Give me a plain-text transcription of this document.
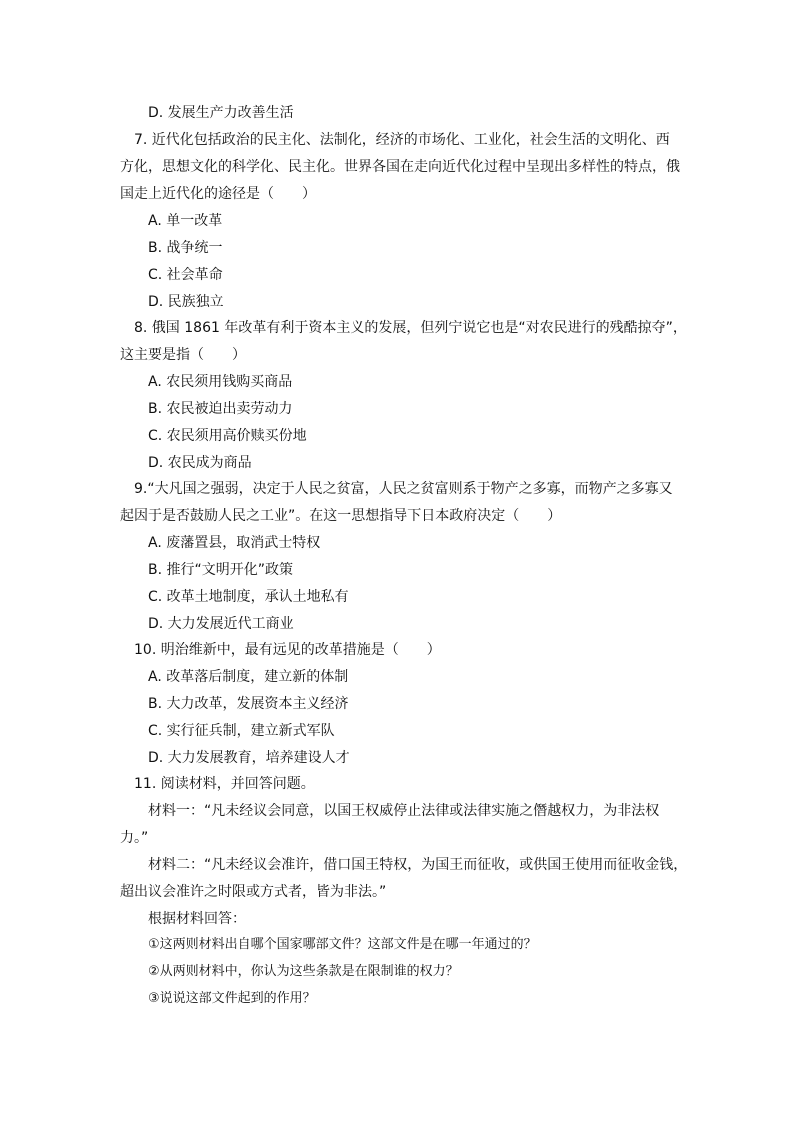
D. 发展生产力改善生活
　7. 近代化包括政治的民主化、法制化，经济的市场化、工业化，社会生活的文明化、西
方化，思想文化的科学化、民主化。世界各国在走向近代化过程中呈现出多样性的特点，俄
国走上近代化的途径是（　　）
A. 单一改革
B. 战争统一
C. 社会革命
D. 民族独立
　8. 俄国 1861 年改革有利于资本主义的发展，但列宁说它也是“对农民进行的残酷掠夺”，
这主要是指（　　）
A. 农民须用钱购买商品
B. 农民被迫出卖劳动力
C. 农民须用高价赎买份地
D. 农民成为商品
　9.“大凡国之强弱，决定于人民之贫富，人民之贫富则系于物产之多寡，而物产之多寡又
起因于是否鼓励人民之工业”。在这一思想指导下日本政府决定（　　）
A. 废藩置县，取消武士特权
B. 推行“文明开化”政策
C. 改革土地制度，承认土地私有
D. 大力发展近代工商业
　10. 明治维新中，最有远见的改革措施是（　　）
A. 改革落后制度，建立新的体制
B. 大力改革，发展资本主义经济
C. 实行征兵制，建立新式军队
D. 大力发展教育，培养建设人才
　11. 阅读材料，并回答问题。
材料一：“凡未经议会同意，以国王权威停止法律或法律实施之僭越权力，为非法权
力。”
材料二：“凡未经议会准许，借口国王特权，为国王而征收，或供国王使用而征收金钱，
超出议会准许之时限或方式者，皆为非法。”
根据材料回答：
①这两则材料出自哪个国家哪部文件？这部文件是在哪一年通过的？
②从两则材料中，你认为这些条款是在限制谁的权力？
③说说这部文件起到的作用？
